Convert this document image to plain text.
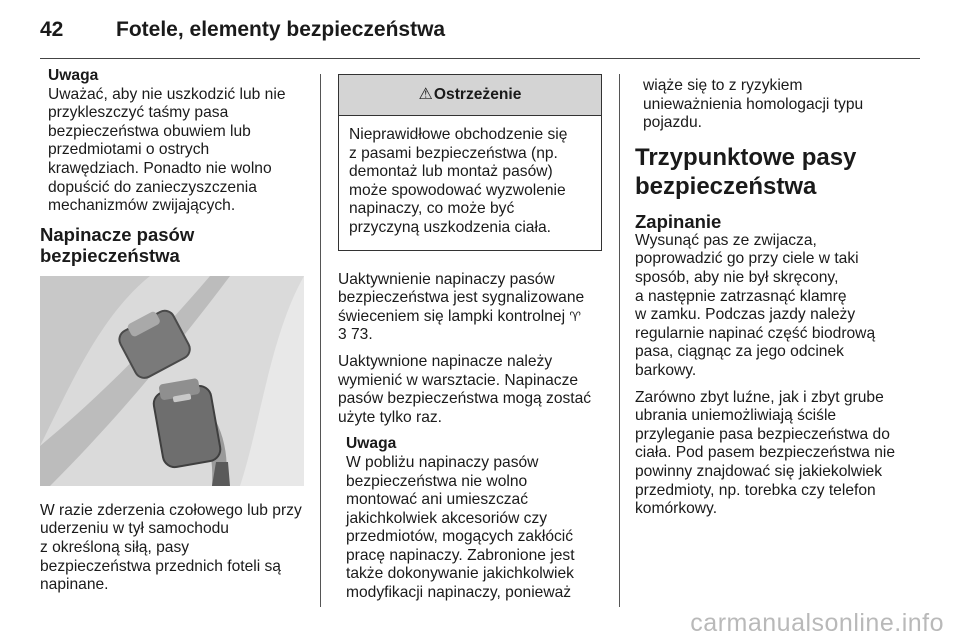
42	Fotele, elementy bezpieczeństwa
Uwaga
Uważać, aby nie uszkodzić lub nie
przykleszczyć taśmy pasa
bezpieczeństwa obuwiem lub
przedmiotami o ostrych
krawędziach. Ponadto nie wolno
dopuścić do zanieczyszczenia
mechanizmów zwijających.
Napinacze pasów
bezpieczeństwa

W razie zderzenia czołowego lub przy
uderzeniu w tył samochodu
z określoną siłą, pasy
bezpieczeństwa przednich foteli są
napinane.

⚠ Ostrzeżenie
Nieprawidłowe obchodzenie się
z pasami bezpieczeństwa (np.
demontaż lub montaż pasów)
może spowodować wyzwolenie
napinaczy, co może być
przyczyną uszkodzenia ciała.

Uaktywnienie napinaczy pasów
bezpieczeństwa jest sygnalizowane
świeceniem się lampki kontrolnej ♈
3 73.

Uaktywnione napinacze należy
wymienić w warsztacie. Napinacze
pasów bezpieczeństwa mogą zostać
użyte tylko raz.

Uwaga
W pobliżu napinaczy pasów
bezpieczeństwa nie wolno
montować ani umieszczać
jakichkolwiek akcesoriów czy
przedmiotów, mogących zakłócić
pracę napinaczy. Zabronione jest
także dokonywanie jakichkolwiek
modyfikacji napinaczy, ponieważ
wiąże się to z ryzykiem
unieważnienia homologacji typu
pojazdu.
Trzypunktowe pasy
bezpieczeństwa
Zapinanie

Wysunąć pas ze zwijacza,
poprowadzić go przy ciele w taki
sposób, aby nie był skręcony,
a następnie zatrzasnąć klamrę
w zamku. Podczas jazdy należy
regularnie napinać część biodrową
pasa, ciągnąc za jego odcinek
barkowy.

Zarówno zbyt luźne, jak i zbyt grube
ubrania uniemożliwiają ściśle
przyleganie pasa bezpieczeństwa do
ciała. Pod pasem bezpieczeństwa nie
powinny znajdować się jakiekolwiek
przedmioty, np. torebka czy telefon
komórkowy.

carmanualsonline.info
